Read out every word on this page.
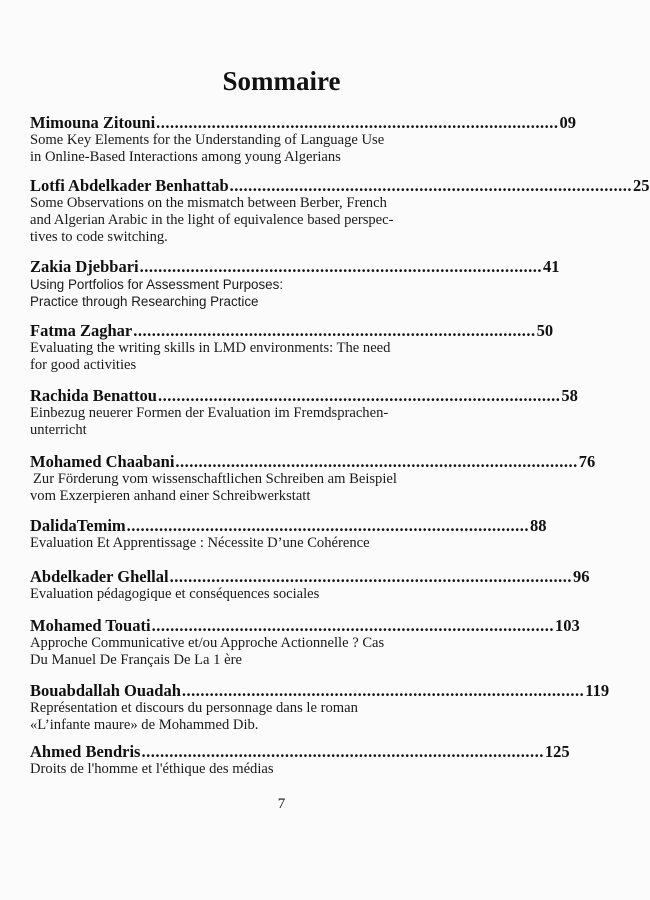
Sommaire
Mimouna Zitouni ....................................................................................... 09
Some Key Elements for the Understanding of Language Use
in Online-Based Interactions among young Algerians
Lotfi Abdelkader Benhattab ....................................................................................... 25
Some Observations on the mismatch between Berber, French
and Algerian Arabic in the light of equivalence based perspec-
tives to code switching.
Zakia Djebbari ....................................................................................... 41
Using Portfolios for Assessment Purposes:
Practice through Researching Practice
Fatma Zaghar ....................................................................................... 50
Evaluating the writing skills in LMD environments: The need
for good activities
Rachida Benattou ....................................................................................... 58
Einbezug neuerer Formen der Evaluation im Fremdsprachen-
unterricht
Mohamed Chaabani ....................................................................................... 76
Zur Förderung vom wissenschaftlichen Schreiben am Beispiel
vom Exzerpieren anhand einer Schreibwerkstatt
DalidaTemim ....................................................................................... 88
Evaluation Et Apprentissage : Nécessite D’une Cohérence
Abdelkader Ghellal ....................................................................................... 96
Evaluation pédagogique et conséquences sociales
Mohamed Touati ....................................................................................... 103
Approche Communicative et/ou Approche Actionnelle ? Cas
Du Manuel De Français De La 1 ère
Bouabdallah Ouadah ....................................................................................... 119
Représentation et discours du personnage dans le roman
«L’infante maure» de Mohammed Dib.
Ahmed Bendris ....................................................................................... 125
Droits de l'homme et l'éthique des médias
7
